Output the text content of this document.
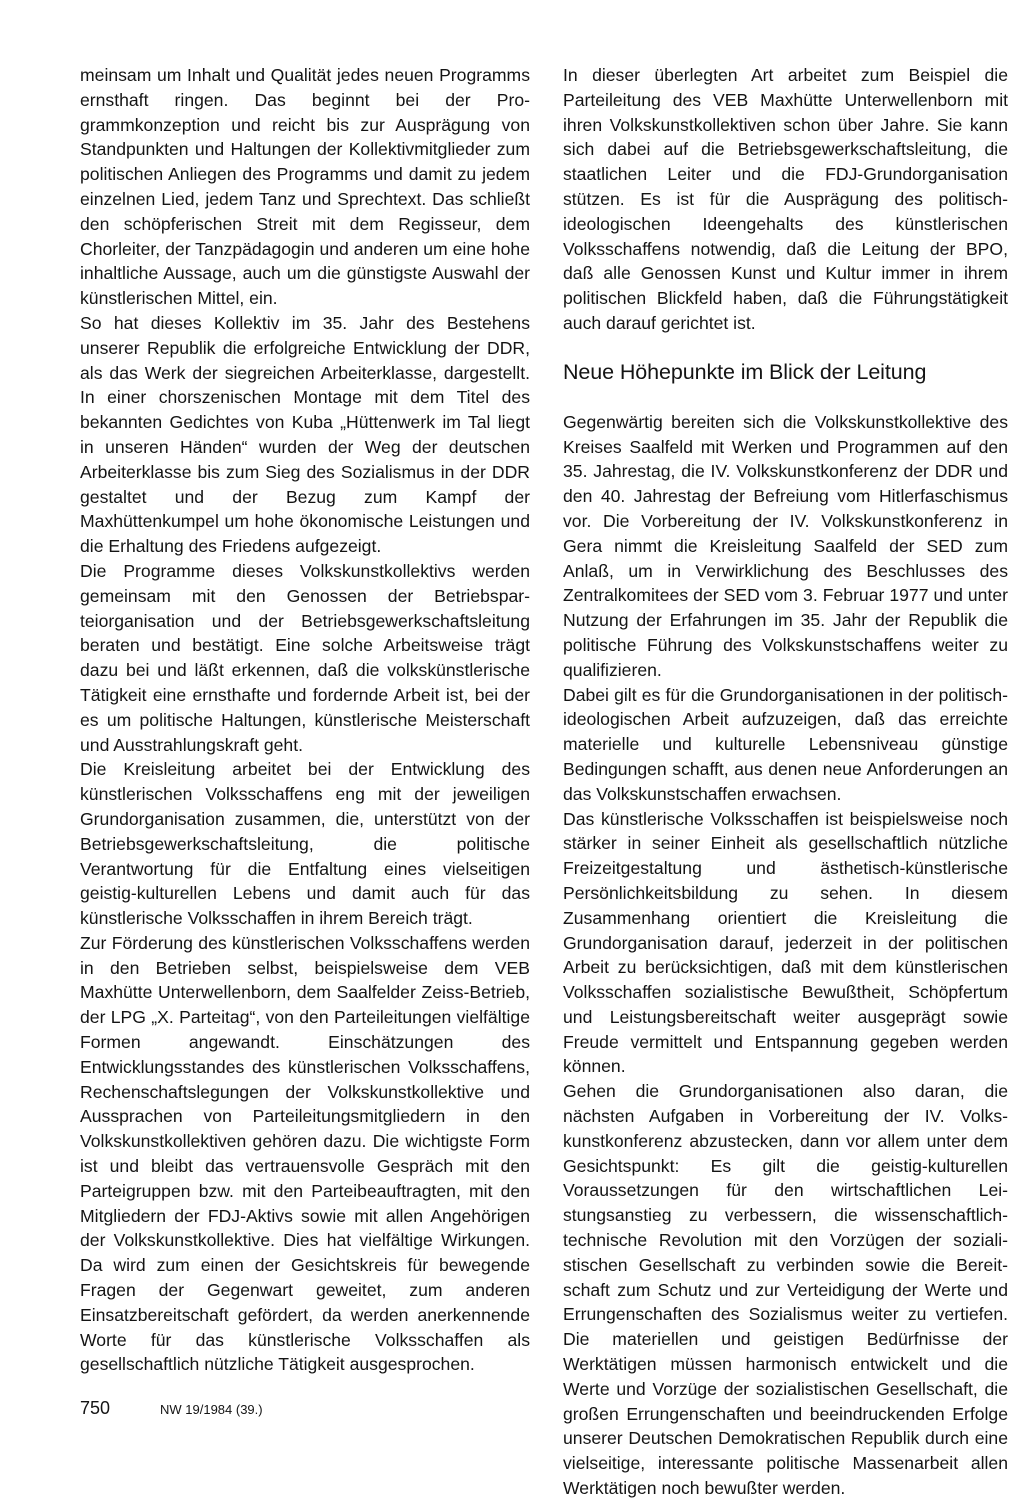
meinsam um Inhalt und Qualität jedes neuen Programms ernsthaft ringen. Das beginnt bei der Programmkonzeption und reicht bis zur Ausprägung von Standpunkten und Haltungen der Kollektivmitglieder zum politischen Anliegen des Programms und damit zu jedem einzelnen Lied, jedem Tanz und Sprechtext. Das schließt den schöpferischen Streit mit dem Regisseur, dem Chorleiter, der Tanzpädagogin und anderen um eine hohe inhaltliche Aussage, auch um die günstigste Auswahl der künstlerischen Mittel, ein.

So hat dieses Kollektiv im 35. Jahr des Bestehens unserer Republik die erfolgreiche Entwicklung der DDR, als das Werk der siegreichen Arbeiterklasse, dargestellt. In einer chorszenischen Montage mit dem Titel des bekannten Gedichtes von Kuba „Hüttenwerk im Tal liegt in unseren Händen“ wurden der Weg der deutschen Arbeiterklasse bis zum Sieg des Sozialismus in der DDR gestaltet und der Bezug zum Kampf der Maxhüttenkumpel um hohe ökonomische Leistungen und die Erhaltung des Friedens aufgezeigt.

Die Programme dieses Volkskunstkollektivs werden gemeinsam mit den Genossen der Betriebsparteiorganisation und der Betriebsgewerkschaftsleitung beraten und bestätigt. Eine solche Arbeitsweise trägt dazu bei und läßt erkennen, daß die volkskünstlerische Tätigkeit eine ernsthafte und fordernde Arbeit ist, bei der es um politische Haltungen, künstlerische Meisterschaft und Ausstrahlungskraft geht.

Die Kreisleitung arbeitet bei der Entwicklung des künstlerischen Volksschaffens eng mit der jeweiligen Grundorganisation zusammen, die, unterstützt von der Betriebsgewerkschaftsleitung, die politische Verantwortung für die Entfaltung eines vielseitigen geistig-kulturellen Lebens und damit auch für das künstlerische Volksschaffen in ihrem Bereich trägt.

Zur Förderung des künstlerischen Volksschaffens werden in den Betrieben selbst, beispielsweise dem VEB Maxhütte Unterwellenborn, dem Saalfelder Zeiss-Betrieb, der LPG „X. Parteitag“, von den Parteileitungen vielfältige Formen angewandt. Einschätzungen des Entwicklungsstandes des künstlerischen Volksschaffens, Rechenschaftslegungen der Volkskunstkollektive und Aussprachen von Parteileitungsmitgliedern in den Volkskunstkollektiven gehören dazu. Die wichtigste Form ist und bleibt das vertrauensvolle Gespräch mit den Parteigruppen bzw. mit den Parteibeauftragten, mit den Mitgliedern der FDJ-Aktivs sowie mit allen Angehörigen der Volkskunstkollektive. Dies hat vielfältige Wirkungen. Da wird zum einen der Gesichtskreis für bewegende Fragen der Gegenwart geweitet, zum anderen Einsatzbereitschaft gefördert, da werden anerkennende Worte für das künstlerische Volksschaffen als gesellschaftlich nützliche Tätigkeit ausgesprochen.

In dieser überlegten Art arbeitet zum Beispiel die Parteileitung des VEB Maxhütte Unterwellenborn mit ihren Volkskunstkollektiven schon über Jahre. Sie kann sich dabei auf die Betriebsgewerkschaftsleitung, die staatlichen Leiter und die FDJ-Grundorganisation stützen. Es ist für die Ausprägung des politisch-ideologischen Ideengehalts des künstlerischen Volksschaffens notwendig, daß die Leitung der BPO, daß alle Genossen Kunst und Kultur immer in ihrem politischen Blickfeld haben, daß die Führungstätigkeit auch darauf gerichtet ist.

Neue Höhepunkte im Blick der Leitung

Gegenwärtig bereiten sich die Volkskunstkollektive des Kreises Saalfeld mit Werken und Programmen auf den 35. Jahrestag, die IV. Volkskunstkonferenz der DDR und den 40. Jahrestag der Befreiung vom Hitlerfaschismus vor. Die Vorbereitung der IV. Volkskunstkonferenz in Gera nimmt die Kreisleitung Saalfeld der SED zum Anlaß, um in Verwirklichung des Beschlusses des Zentralkomitees der SED vom 3. Februar 1977 und unter Nutzung der Erfahrungen im 35. Jahr der Republik die politische Führung des Volkskunstschaffens weiter zu qualifizieren.

Dabei gilt es für die Grundorganisationen in der politisch-ideologischen Arbeit aufzuzeigen, daß das erreichte materielle und kulturelle Lebensniveau günstige Bedingungen schafft, aus denen neue Anforderungen an das Volkskunstschaffen erwachsen.

Das künstlerische Volksschaffen ist beispielsweise noch stärker in seiner Einheit als gesellschaftlich nützliche Freizeitgestaltung und ästhetisch-künstlerische Persönlichkeitsbildung zu sehen. In diesem Zusammenhang orientiert die Kreisleitung die Grundorganisation darauf, jederzeit in der politischen Arbeit zu berücksichtigen, daß mit dem künstlerischen Volksschaffen sozialistische Bewußtheit, Schöpfertum und Leistungsbereitschaft weiter ausgeprägt sowie Freude vermittelt und Entspannung gegeben werden können.

Gehen die Grundorganisationen also daran, die nächsten Aufgaben in Vorbereitung der IV. Volkskunstkonferenz abzustecken, dann vor allem unter dem Gesichtspunkt: Es gilt die geistig-kulturellen Voraussetzungen für den wirtschaftlichen Leistungsanstieg zu verbessern, die wissenschaftlich-technische Revolution mit den Vorzügen der sozialistischen Gesellschaft zu verbinden sowie die Bereitschaft zum Schutz und zur Verteidigung der Werte und Errungenschaften des Sozialismus weiter zu vertiefen. Die materiellen und geistigen Bedürfnisse der Werktätigen müssen harmonisch entwickelt und die Werte und Vorzüge der sozialistischen Gesellschaft, die großen Errungenschaften und beeindruckenden Erfolge unserer Deutschen Demokratischen Republik durch eine vielseitige, interessante politische Massenarbeit allen Werktätigen noch bewußter werden.

750	NW 19/1984 (39.)
